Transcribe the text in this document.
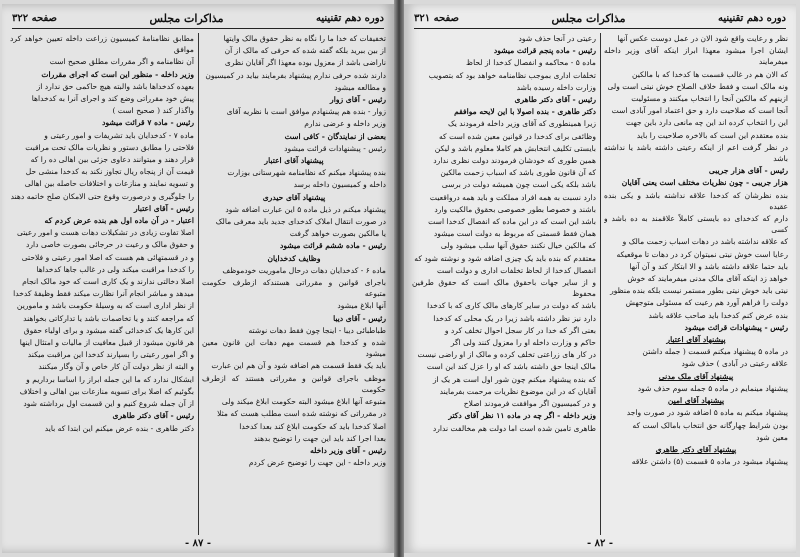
دوره دهم تقنینیه
مذاکرات مجلس
صفحه ۳۲۲

تخفیفات که خدا ما را نگاه به نظر حقوق مالک وایتها

از بین ببرید بلکه گفته شده که حرفی که مالک از آن

ناراضی باشد از معزول بوده معهذا اگر آقایان نظری

دارند شده حرفی ندارم پیشنهاد بفرمایند بیاید در کمیسیون

و مطالعه میشود

رئیس - آقای زوار

زوار - بنده هم پیشنهادم موافق است با نظریه آقای

وزیر داخله و عرضی ندارم

بعضی از نمایندگان - کافی است

رئیس - پیشنهادات قرائت میشود

پیشنهاد آقای اعتبار

بنده پیشنهاد میکنم که نظامنامه شهرستانی بوزارت

داخله و کمیسیون داخله برسد

پیشنهاد آقای حیدری

پیشنهاد میکنم در ذیل ماده ۵ این عبارت اضافه شود

در صورت انتقال املاک کدخدای جدید باید معرفی مالک

یا مالکین بصورت خواهد گرفت

رئیس - ماده ششم قرائت میشود

وظایف کدخدایان

ماده ۶ - کدخدایان دهات درحال ماموریت خودموظف

باجرای قوانین و مقرراتی هستندکه ازطرف حکومت متبوعه

آنها ابلاغ میشود

رئیس - آقای دیبا

طباطبائی دیبا - اینجا چون فقط دهات نوشته

شده و کدخدا هم قسمت مهم دهات این قانون معین میشود

باید یک فقط قسمت هم اضافه شود و آن هم این عبارت

موظف باجرای قوانین و مقرراتی هستند که ازطرف حکومت

متبوعه آنها ابلاغ میشود البته حکومت ابلاغ میکند ولی

در مقرراتی که نوشته شده است مطلب هست که مثلا

اصلا کدخدا باید که حکومت ابلاغ کند بعدا کدخدا

بعدا اجرا کند باید این جهت را توضیح بدهند

رئیس - آقای وزیر داخله

وزیر داخله - این جهت را توضیح عرض کردم

مطابق نظامنامهٔ کمیسیون زراعت داخله تعیین خواهد کرد موافق

آن نظامنامه و اگر مقررات مطلق صحیح است

وزیر داخله - منظور این است که اجرای مقررات

بعهده کدخداها باشد والبته هیچ حاکمی حق ندارد از

پیش خود مقرراتی وضع کند و اجرای آنرا به کدخداها

واگذار کند ( صحیح است )

رئیس - ماده ۷ قرائت میشود

ماده ۷ - کدخدایان باید تشریفات و امور رعیتی و

فلاحتی را مطابق دستور و نظریات مالک تحت مراقبت

قرار دهند و میتوانند دعاوی جزئی بین اهالی ده را که

قیمت آن از پنجاه ریال تجاوز نکند به کدخدا منشی حل

و تسویه نمایند و منازعات و اختلافات حاصله بین اهالی

را جلوگیری و درصورت وقوع حتی الامکان صلح خاتمه دهند

رئیس - آقای اعتبار

اعتبار - در آن ماده اول هم بنده عرض کردم که

اصلا تفاوت زیادی در تشکیلات دهات هست و امور رعیتی

و حقوق مالک و رعیت در حرجائی بصورت خاصی دارد

و در قسمتهائی هم هست که اصلا امور رعیتی و فلاحتی

را کدخدا مراقبت میکند ولی در غالب جاها کدخداها

اصلا دخالتی ندارند و یک کاری است که خود مالک انجام

میدهد و مباشر انجام آنرا نظارت میکند فقط وظیفهٔ کدخدا

از نظر اداری است که به وسیلهٔ حکومت باشد و مامورین

که مراجعه کنند و یا تخاصمات باشد یا تدارکاتی بخواهند

این کارها یک کدخدائی گفته میشود و برای اولیاء حقوق

هر قانون میشود از قبیل معافیت از مالیات و امتثال اینها

و اگر امور رعیتی را بسپارند کدخدا این مراقبت میکند

و البته از نظر دولت آن کار خاص و آن وگار میکنند

ایشکال ندارد که ما این جمله ابراز را اساسا برداریم و

بگوئیم که اصلا برای تسویه منازعات بین اهالی و اختلاف

از آن جمله شروع کنیم و این قسمت اول برداشته شود

رئیس - آقای دکتر طاهری

دکتر طاهری - بنده عرض میکنم این ابتدا که باید

- ۸۷ -
دوره دهم تقنینیه
مذاکرات مجلس
صفحه ۳۲۱

نظر و رعایت واقع شود الان در عمل دوست عکس آنها

ایشان اجرا میشود معهذا ابراز اینکه آقای وزیر داخله میفرمایند

که الان هم در غالب قسمت ها کدخدا که با مالکین

ونه مالک است و فقط خلاف الصلاح خوش نیتی است ولی

ازینهم که مالکین آنجا را انتخاب میکنند و مسئولیت

آنجا است که صلاحیت دارد و حق اعتماد امور آبادی است

این را انتخاب کرده اند این چه مانعی دارد باین جهت

بنده معتقدم این است که بالاخره صلاحیت را باید

در نظر گرفت اعم از اینکه رعیتی داشته باشد یا نداشته باشد

رئیس - آقای هزار جریبی

هزار جریبی - چون نظریات مختلف است یعنی آقایان

بنده نظرشان که کدخدا علاقه نداشته باشد و یکی بنده عقیده

دارم که کدخدای ده بایستی کاملاً علاقمند به ده باشد و کسی

که علاقه نداشته باشد در دهات اسباب زحمت مالک و

رعایا است خوش نیتی نمیتوان کرد در دهات تا موقعیکه

باید حتما علاقه داشته باشد و الا ابتکار کند و آن آنها

خواهد زد اینکه آقای مالک مدنی میفرمایند که خوش

نیتی باید خوش نیتی بطور مستمر نیست بلکه بنده منظور

دولت را فراهم آورد هم رعیت که مسئولی متوجهش

بنده عرض کنم کدخدا باید صاحب علاقه باشد

رئیس - پیشنهادات قرائت میشود

پیشنهاد آقای اعتبار

در ماده ۵ پیشنهاد میکنم قسمت ( جمله داشتن

علاقه رعیتی در آبادی ) حذف شود

پیشنهاد آقای ملک مدنی

پیشنهاد مینمایم در ماده ۵ جمله سوم حذف شود

پیشنهاد آقای امین

پیشنهاد میکنم به ماده ۵ اضافه شود در صورت واجد

بودن شرایط چهارگانه حق انتخاب بامالک است که

معین شود

پیشنهاد آقای دکتر طاهری

پیشنهاد میشود در ماده ۵ قسمت (۵) داشتن علاقه

رعیتی در آنجا حذف شود

رئیس - ماده پنجم قرائت میشود

ماده ۵ - محاکمه و انفصال کدخدا از لحاظ

تخلفات اداری بموجب نظامنامه خواهد بود که بتصویب

وزارت داخله رسیده باشد

رئیس - آقای دکتر طاهری

دکتر طاهری - بنده اصولا با این لایحه موافقم

زیرا همینطوری که آقای وزیر داخله فرمودند یک

وظائفی برای کدخدا در قوانین معین شده است که

بایستی تکلیف انتخابش هم کاملا معلوم باشد و لیکن

همین طوری که خودشان فرمودند دولت نظری ندارد

که آن قانون طوری باشد که اسباب زحمت مالکین

باشد بلکه یکی است چون همیشه دولت در برسی

دارد نسبت به همه افراد مملکت و باید همه درواقعیت

باشند و خصوصا بطور خصوصی بحقوق مالکیت وارد

باشد این است که در این ماده که انفصال کدخدا است

همان فقط قسمتی که مربوط به دولت است میشود

که مالکین خیال نکنند حقوق آنها سلب میشود ولی

معتقدم که بنده باید یک چیزی اضافه شود و نوشته شود که

انفصال کدخدا از لحاظ تخلفات اداری و دولت است

و از سایر جهات باحقوق مالک است که حقوق طرفین محفوظ

باشد که دولت در سایر کارهای مالک کاری که با کدخدا

دارد نیز نظر داشته باشد زیرا در یک محلی که کدخدا

بعنی اگر که خدا در کار سجل احوال تخلف کرد و

حاکم و وزارت داخله او را معزول کنند ولی اگر

در کار های زراعتی تخلف کرده و مالک از او راضی نیست

مالک اینجا حق داشته باشد که او را عزل کند این است

که بنده پیشنهاد میکنم چون شور اول است هر یک از

آقایان که در این موضوع نظریات مرحمت بفرمایند

و در کمیسیون اگر موافقت فرمودند اصلاح

وزیر داخله - اگر چه در ماده ۱۱ نظر آقای دکتر

طاهری تامین شده است اما دولت هم مخالفت ندارد

- ۸۲ -
